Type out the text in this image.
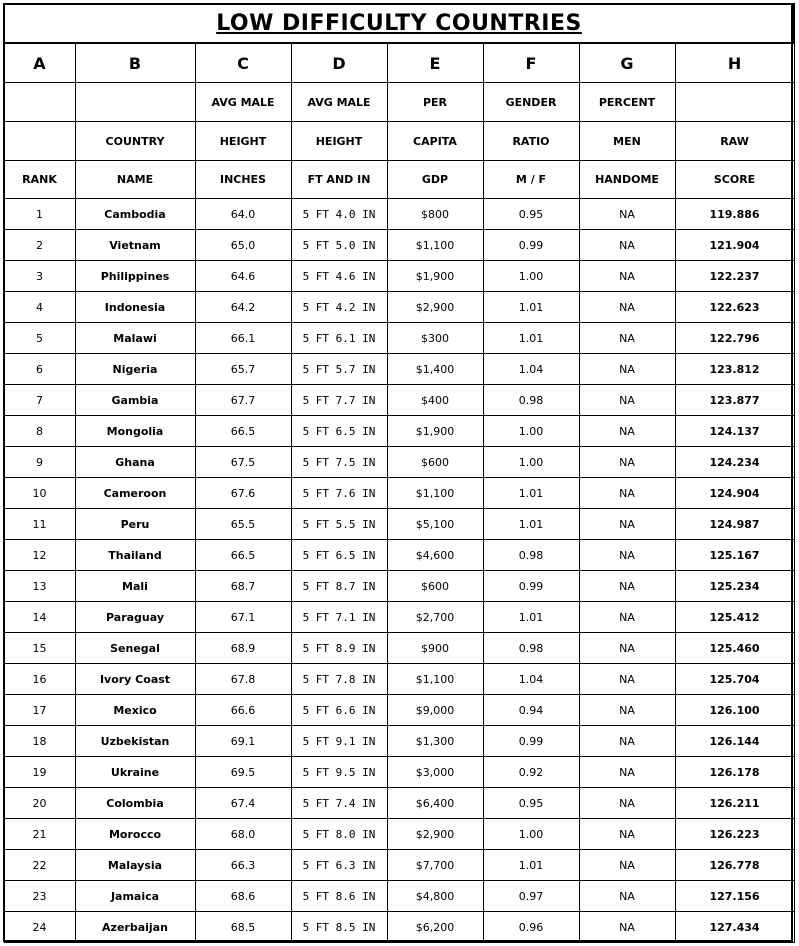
LOW DIFFICULTY COUNTRIES							
A	B	C	D	E	F	G	H
		AVG MALE	AVG MALE	PER	GENDER	PERCENT	
	COUNTRY	HEIGHT	HEIGHT	CAPITA	RATIO	MEN	RAW
RANK	NAME	INCHES	FT AND IN	GDP	M / F	HANDOME	SCORE
1	Cambodia	64.0	5 FT 4.0 IN	$800	0.95	NA	119.886
2	Vietnam	65.0	5 FT 5.0 IN	$1,100	0.99	NA	121.904
3	Philippines	64.6	5 FT 4.6 IN	$1,900	1.00	NA	122.237
4	Indonesia	64.2	5 FT 4.2 IN	$2,900	1.01	NA	122.623
5	Malawi	66.1	5 FT 6.1 IN	$300	1.01	NA	122.796
6	Nigeria	65.7	5 FT 5.7 IN	$1,400	1.04	NA	123.812
7	Gambia	67.7	5 FT 7.7 IN	$400	0.98	NA	123.877
8	Mongolia	66.5	5 FT 6.5 IN	$1,900	1.00	NA	124.137
9	Ghana	67.5	5 FT 7.5 IN	$600	1.00	NA	124.234
10	Cameroon	67.6	5 FT 7.6 IN	$1,100	1.01	NA	124.904
11	Peru	65.5	5 FT 5.5 IN	$5,100	1.01	NA	124.987
12	Thailand	66.5	5 FT 6.5 IN	$4,600	0.98	NA	125.167
13	Mali	68.7	5 FT 8.7 IN	$600	0.99	NA	125.234
14	Paraguay	67.1	5 FT 7.1 IN	$2,700	1.01	NA	125.412
15	Senegal	68.9	5 FT 8.9 IN	$900	0.98	NA	125.460
16	Ivory Coast	67.8	5 FT 7.8 IN	$1,100	1.04	NA	125.704
17	Mexico	66.6	5 FT 6.6 IN	$9,000	0.94	NA	126.100
18	Uzbekistan	69.1	5 FT 9.1 IN	$1,300	0.99	NA	126.144
19	Ukraine	69.5	5 FT 9.5 IN	$3,000	0.92	NA	126.178
20	Colombia	67.4	5 FT 7.4 IN	$6,400	0.95	NA	126.211
21	Morocco	68.0	5 FT 8.0 IN	$2,900	1.00	NA	126.223
22	Malaysia	66.3	5 FT 6.3 IN	$7,700	1.01	NA	126.778
23	Jamaica	68.6	5 FT 8.6 IN	$4,800	0.97	NA	127.156
24	Azerbaijan	68.5	5 FT 8.5 IN	$6,200	0.96	NA	127.434
